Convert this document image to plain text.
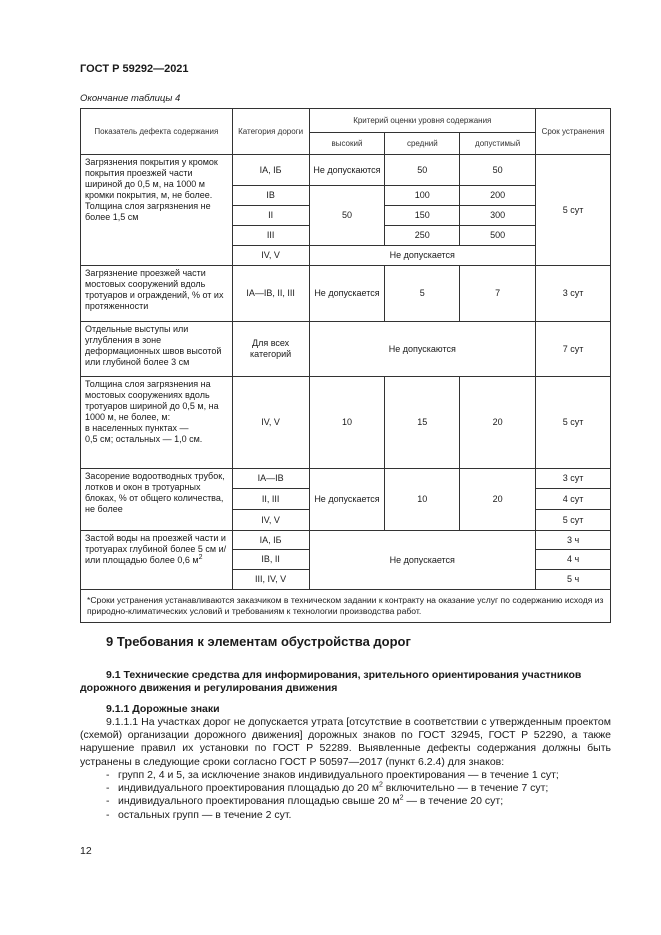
ГОСТ Р 59292—2021
Окончание таблицы 4
Показатель дефекта содержания	Категория дороги	Критерий оценки уровня содержания			Срок устранения
		высокий	средний	допустимый	
Загрязнения покрытия у кромок покрытия проезжей части шириной до 0,5 м, на 1000 м кромки покрытия, м, не более. Толщина слоя загрязнения не более 1,5 см	IA, IБ	Не допускаются	50	50	5 сут
	IB	50	100	200	
	II		150	300	
	III		250	500	
	IV, V	Не допускается			
Загрязнение проезжей части мостовых сооружений вдоль тротуаров и ограждений, % от их протяженности	IA—IB, II, III	Не допускается	5	7	3 сут
Отдельные выступы или углубления в зоне деформационных швов высотой или глубиной более 3 см	Для всех категорий	Не допускаются			7 сут

Толщина слоя загрязнения на мостовых сооружениях вдоль тротуаров шириной до 0,5 м, на 1000 м, не более, м:
в населенных пунктах —
0,5 см; остальных — 1,0 см.	IV, V	10	15	20	5 сут
Засорение водоотводных трубок, лотков и окон в тротуарных блоках, % от общего количества, не более	IA—IB	Не допускается	10	20	3 сут
	II, III				4 сут
	IV, V				5 сут
Застой воды на проезжей части и тротуарах глубиной более 5 см и/или площадью более 0,6 $м^2$	IA, IБ	Не допускается			3 ч
	IB, II				4 ч
	III, IV, V				5 ч
*Сроки устранения устанавливаются заказчиком в техническом задании к контракту на оказание услуг по содержанию исходя из природно-климатических условий и требованиям к технологии производства работ.					
9 Требования к элементам обустройства дорог
9.1 Технические средства для информирования, зрительного ориентирования участников дорожного движения и регулирования движения
9.1.1 Дорожные знаки
9.1.1.1 На участках дорог не допускается утрата [отсутствие в соответствии с утвержденным проектом (схемой) организации дорожного движения] дорожных знаков по ГОСТ 32945, ГОСТ Р 52290, а также нарушение правил их установки по ГОСТ Р 52289. Выявленные дефекты содержания должны быть устранены в следующие сроки согласно ГОСТ Р 50597—2017 (пункт 6.2.4) для знаков:
- групп 2, 4 и 5, за исключение знаков индивидуального проектирования — в течение 1 сут;
- индивидуального проектирования площадью до 20 $м^2$ включительно — в течение 7 сут;
- индивидуального проектирования площадью свыше 20 $м^2$ — в течение 20 сут;
- остальных групп — в течение 2 сут.
12
